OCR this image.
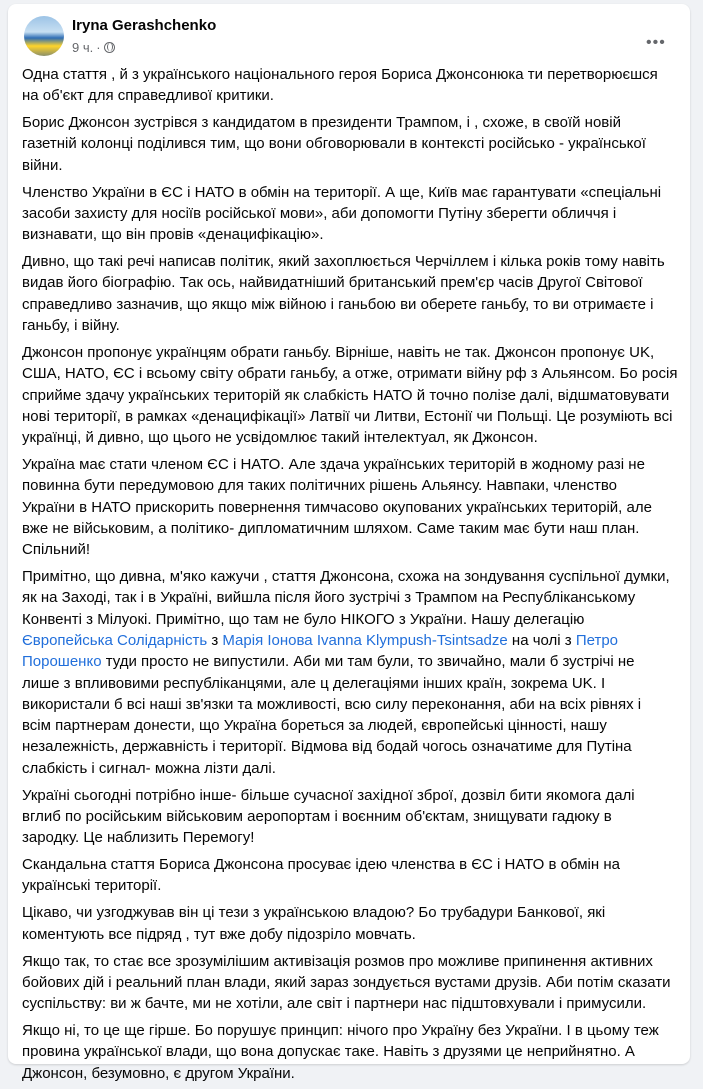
Iryna Gerashchenko
9 ч. ·	•••
Одна стаття , й з українського національного героя Бориса Джонсонюка ти перетворюєшся
на об'єкт для справедливої критики.
Борис Джонсон зустрівся з кандидатом в президенти Трампом, і , схоже, в своїй новій
газетній колонці поділився тим, що вони обговорювали в контексті російсько - української
війни.
Членство України в ЄС і НАТО в обмін на території. А ще, Київ має гарантувати «спеціальні
засоби захисту для носіїв російської мови», аби допомогти Путіну зберегти обличчя і
визнавати, що він провів «денацифікацію».
Дивно, що такі речі написав політик, який захоплюється Черчіллем і кілька років тому навіть
видав його біографію. Так ось, найвидатніший британський прем'єр часів Другої Світової
справедливо зазначив, що якщо між війною і ганьбою ви оберете ганьбу, то ви отримаєте і
ганьбу, і війну.
Джонсон пропонує українцям обрати ганьбу. Вірніше, навіть не так. Джонсон пропонує UK,
США, НАТО, ЄС і всьому світу обрати ганьбу, а отже, отримати війну рф з Альянсом. Бо росія
сприйме здачу українських територій як слабкість НАТО й точно полізе далі, відшматовувати
нові території, в рамках «денацифікації» Латвії чи Литви, Естонії чи Польщі. Це розуміють всі
українці, й дивно, що цього не усвідомлює такий інтелектуал, як Джонсон.
Україна має стати членом ЄС і НАТО. Але здача українських територій в жодному разі не
повинна бути передумовою для таких політичних рішень Альянсу. Навпаки, членство
України в НАТО прискорить повернення тимчасово окупованих українських територій, але
вже не військовим, а політико- дипломатичним шляхом. Саме таким має бути наш план.
Спільний!
Примітно, що дивна, м'яко кажучи , стаття Джонсона, схожа на зондування суспільної думки,
як на Заході, так і в Україні, вийшла після його зустрічі з Трампом на Республіканському
Конвенті з Мілуокі. Примітно, що там не було НІКОГО з України. Нашу делегацію
Європейська Солідарність з Марія Іонова Ivanna Klympush-Tsintsadze на чолі з Петро
Порошенко туди просто не випустили. Аби ми там були, то звичайно, мали б зустрічі не
лише з впливовими республіканцями, але ц делегаціями інших країн, зокрема UK. І
використали б всі наші зв'язки та можливості, всю силу переконання, аби на всіх рівнях і
всім партнерам донести, що Україна бореться за людей, європейські цінності, нашу
незалежність, державність і території. Відмова від бодай чогось означатиме для Путіна
слабкість і сигнал- можна лізти далі.
Україні сьогодні потрібно інше- більше сучасної західної зброї, дозвіл бити якомога далі
вглиб по російським військовим аеропортам і воєнним об'єктам, знищувати гадюку в
зародку. Це наблизить Перемогу!
Скандальна стаття Бориса Джонсона просуває ідею членства в ЄС і НАТО в обмін на
українські території.
Цікаво, чи узгоджував він ці тези з українською владою? Бо трубадури Банкової, які
коментують все підряд , тут вже добу підозріло мовчать.
Якщо так, то стає все зрозумілішим активізація розмов про можливе припинення активних
бойових дій і реальний план влади, який зараз зондується вустами друзів. Аби потім сказати
суспільству: ви ж бачте, ми не хотіли, але світ і партнери нас підштовхували і примусили.
Якщо ні, то це ще гірше. Бо порушує принцип: нічого про Україну без України. І в цьому теж
провина української влади, що вона допускає таке. Навіть з друзями це неприйнятно. А
Джонсон, безумовно, є другом України.
